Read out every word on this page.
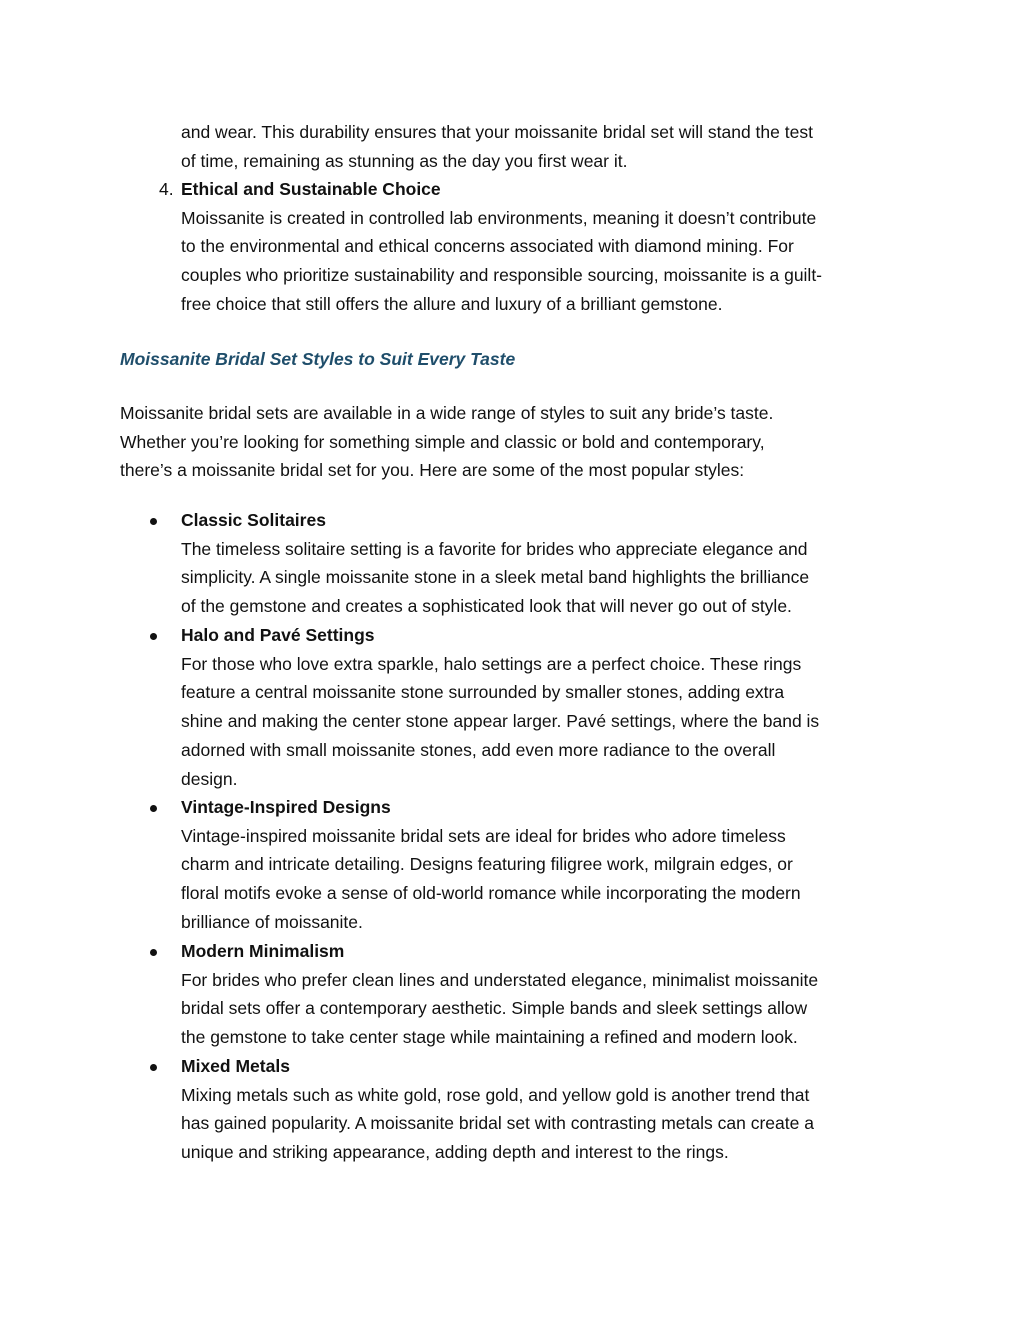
and wear. This durability ensures that your moissanite bridal set will stand the test
of time, remaining as stunning as the day you first wear it.
4. Ethical and Sustainable Choice
Moissanite is created in controlled lab environments, meaning it doesn’t contribute
to the environmental and ethical concerns associated with diamond mining. For
couples who prioritize sustainability and responsible sourcing, moissanite is a guilt-
free choice that still offers the allure and luxury of a brilliant gemstone.
Moissanite Bridal Set Styles to Suit Every Taste
Moissanite bridal sets are available in a wide range of styles to suit any bride’s taste.
Whether you’re looking for something simple and classic or bold and contemporary,
there’s a moissanite bridal set for you. Here are some of the most popular styles:
Classic Solitaires
The timeless solitaire setting is a favorite for brides who appreciate elegance and
simplicity. A single moissanite stone in a sleek metal band highlights the brilliance
of the gemstone and creates a sophisticated look that will never go out of style.
Halo and Pavé Settings
For those who love extra sparkle, halo settings are a perfect choice. These rings
feature a central moissanite stone surrounded by smaller stones, adding extra
shine and making the center stone appear larger. Pavé settings, where the band is
adorned with small moissanite stones, add even more radiance to the overall
design.
Vintage-Inspired Designs
Vintage-inspired moissanite bridal sets are ideal for brides who adore timeless
charm and intricate detailing. Designs featuring filigree work, milgrain edges, or
floral motifs evoke a sense of old-world romance while incorporating the modern
brilliance of moissanite.
Modern Minimalism
For brides who prefer clean lines and understated elegance, minimalist moissanite
bridal sets offer a contemporary aesthetic. Simple bands and sleek settings allow
the gemstone to take center stage while maintaining a refined and modern look.
Mixed Metals
Mixing metals such as white gold, rose gold, and yellow gold is another trend that
has gained popularity. A moissanite bridal set with contrasting metals can create a
unique and striking appearance, adding depth and interest to the rings.
